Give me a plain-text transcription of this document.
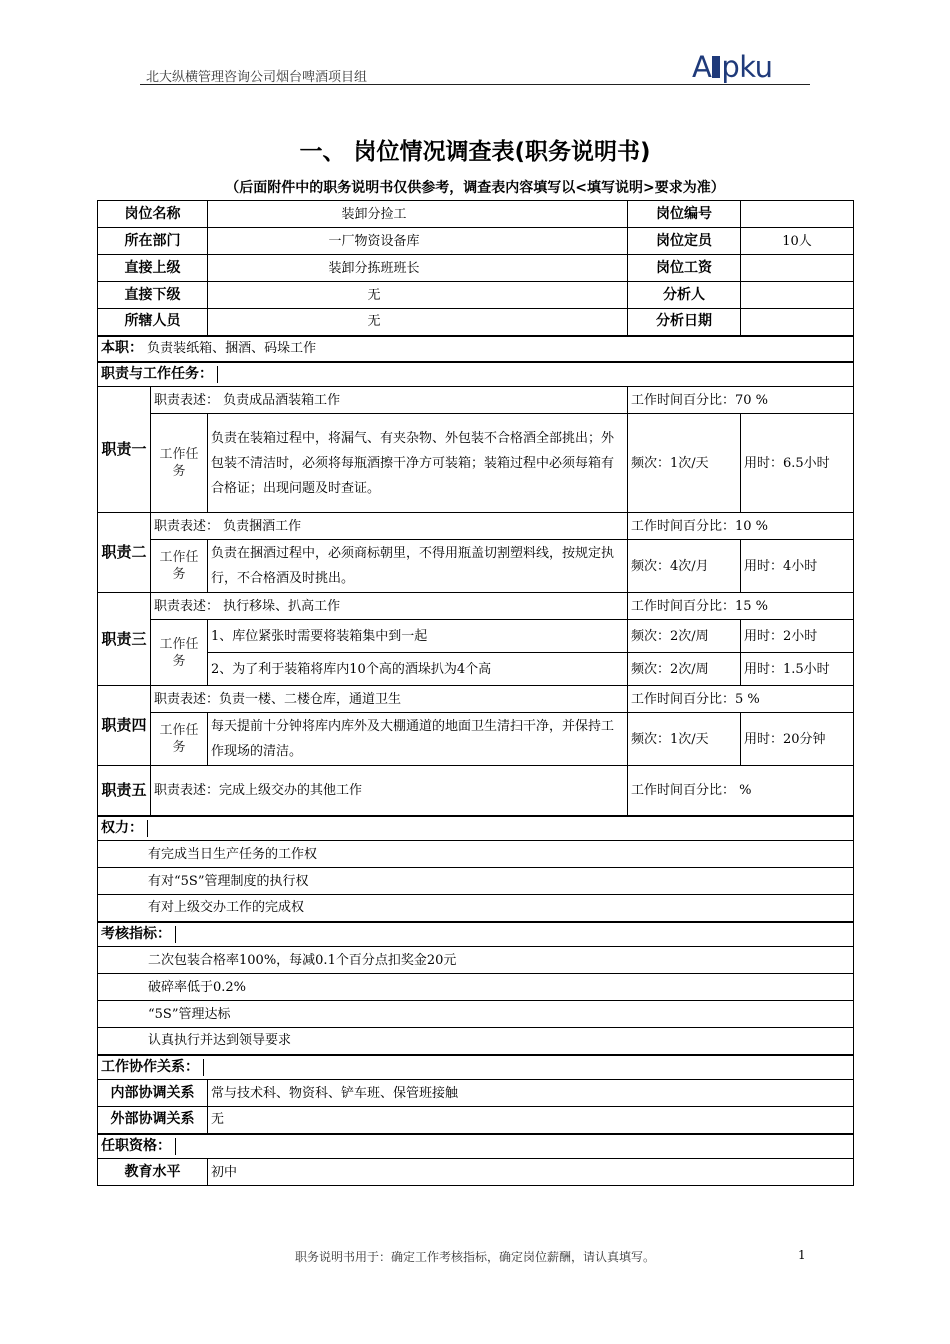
北大纵横管理咨询公司烟台啤酒项目组	A pku
一、 岗位情况调查表(职务说明书)
（后面附件中的职务说明书仅供参考，调查表内容填写以<填写说明>要求为准）
岗位名称		装卸分捡工	岗位编号	
所在部门		一厂物资设备库	岗位定员	10人
直接上级		装卸分拣班班长	岗位工资	
直接下级		无	分析人	
所辖人员		无	分析日期	
本职： 负责装纸箱、捆酒、码垛工作				
职责与工作任务：				
职责一	职责表述： 负责成品酒装箱工作		工作时间百分比：70 %	
	工作任务	负责在装箱过程中，将漏气、有夹杂物、外包装不合格酒全部挑出；外包装不清洁时，必须将每瓶酒擦干净方可装箱；装箱过程中必须每箱有合格证；出现问题及时查证。	频次：1次/天	用时：6.5小时
职责二	职责表述： 负责捆酒工作		工作时间百分比：10 %	
	工作任务	负责在捆酒过程中，必须商标朝里，不得用瓶盖切割塑料线，按规定执行，不合格酒及时挑出。	频次：4次/月	用时：4小时
职责三	职责表述： 执行移垛、扒高工作		工作时间百分比：15 %	
	工作任务	1、库位紧张时需要将装箱集中到一起	频次：2次/周	用时：2小时
		2、为了利于装箱将库内10个高的酒垛扒为4个高	频次：2次/周	用时：1.5小时
职责四	职责表述：负责一楼、二楼仓库，通道卫生		工作时间百分比：5 %	
	工作任务	每天提前十分钟将库内库外及大棚通道的地面卫生清扫干净，并保持工作现场的清洁。	频次：1次/天	用时：20分钟
职责五	职责表述：完成上级交办的其他工作		工作时间百分比： %	
权力：				
有完成当日生产任务的工作权				
有对“5S”管理制度的执行权				
有对上级交办工作的完成权				
考核指标：				
二次包装合格率100%，每减0.1个百分点扣奖金20元				
破碎率低于0.2%				
“5S”管理达标				
认真执行并达到领导要求				
工作协作关系：				
内部协调关系		常与技术科、物资科、铲车班、保管班接触		
外部协调关系		无		
任职资格：				
教育水平		初中		
职务说明书用于：确定工作考核指标，确定岗位薪酬，请认真填写。	1
